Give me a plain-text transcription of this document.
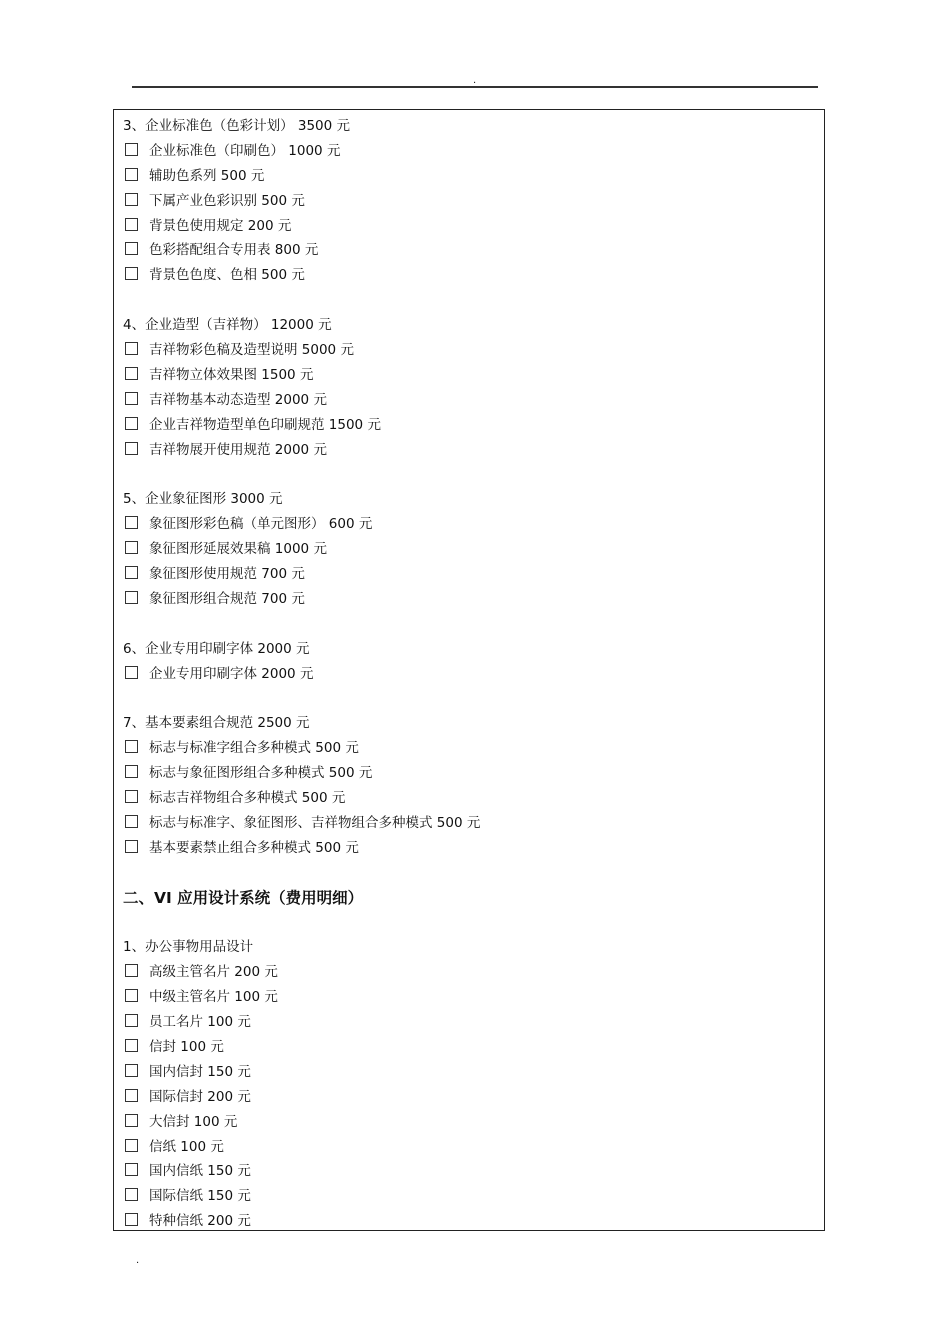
.
3、企业标准色（色彩计划） 3500 元
企业标准色（印刷色） 1000 元
辅助色系列 500 元
下属产业色彩识别 500 元
背景色使用规定 200 元
色彩搭配组合专用表 800 元
背景色色度、色相 500 元
4、企业造型（吉祥物） 12000 元
吉祥物彩色稿及造型说明 5000 元
吉祥物立体效果图 1500 元
吉祥物基本动态造型 2000 元
企业吉祥物造型单色印刷规范 1500 元
吉祥物展开使用规范 2000 元
5、企业象征图形 3000 元
象征图形彩色稿（单元图形） 600 元
象征图形延展效果稿 1000 元
象征图形使用规范 700 元
象征图形组合规范 700 元
6、企业专用印刷字体 2000 元
企业专用印刷字体 2000 元
7、基本要素组合规范 2500 元
标志与标准字组合多种模式 500 元
标志与象征图形组合多种模式 500 元
标志吉祥物组合多种模式 500 元
标志与标准字、象征图形、吉祥物组合多种模式 500 元
基本要素禁止组合多种模式 500 元
二、VI 应用设计系统（费用明细）
1、办公事物用品设计
高级主管名片 200 元
中级主管名片 100 元
员工名片 100 元
信封 100 元
国内信封 150 元
国际信封 200 元
大信封 100 元
信纸 100 元
国内信纸 150 元
国际信纸 150 元
特种信纸 200 元
.
